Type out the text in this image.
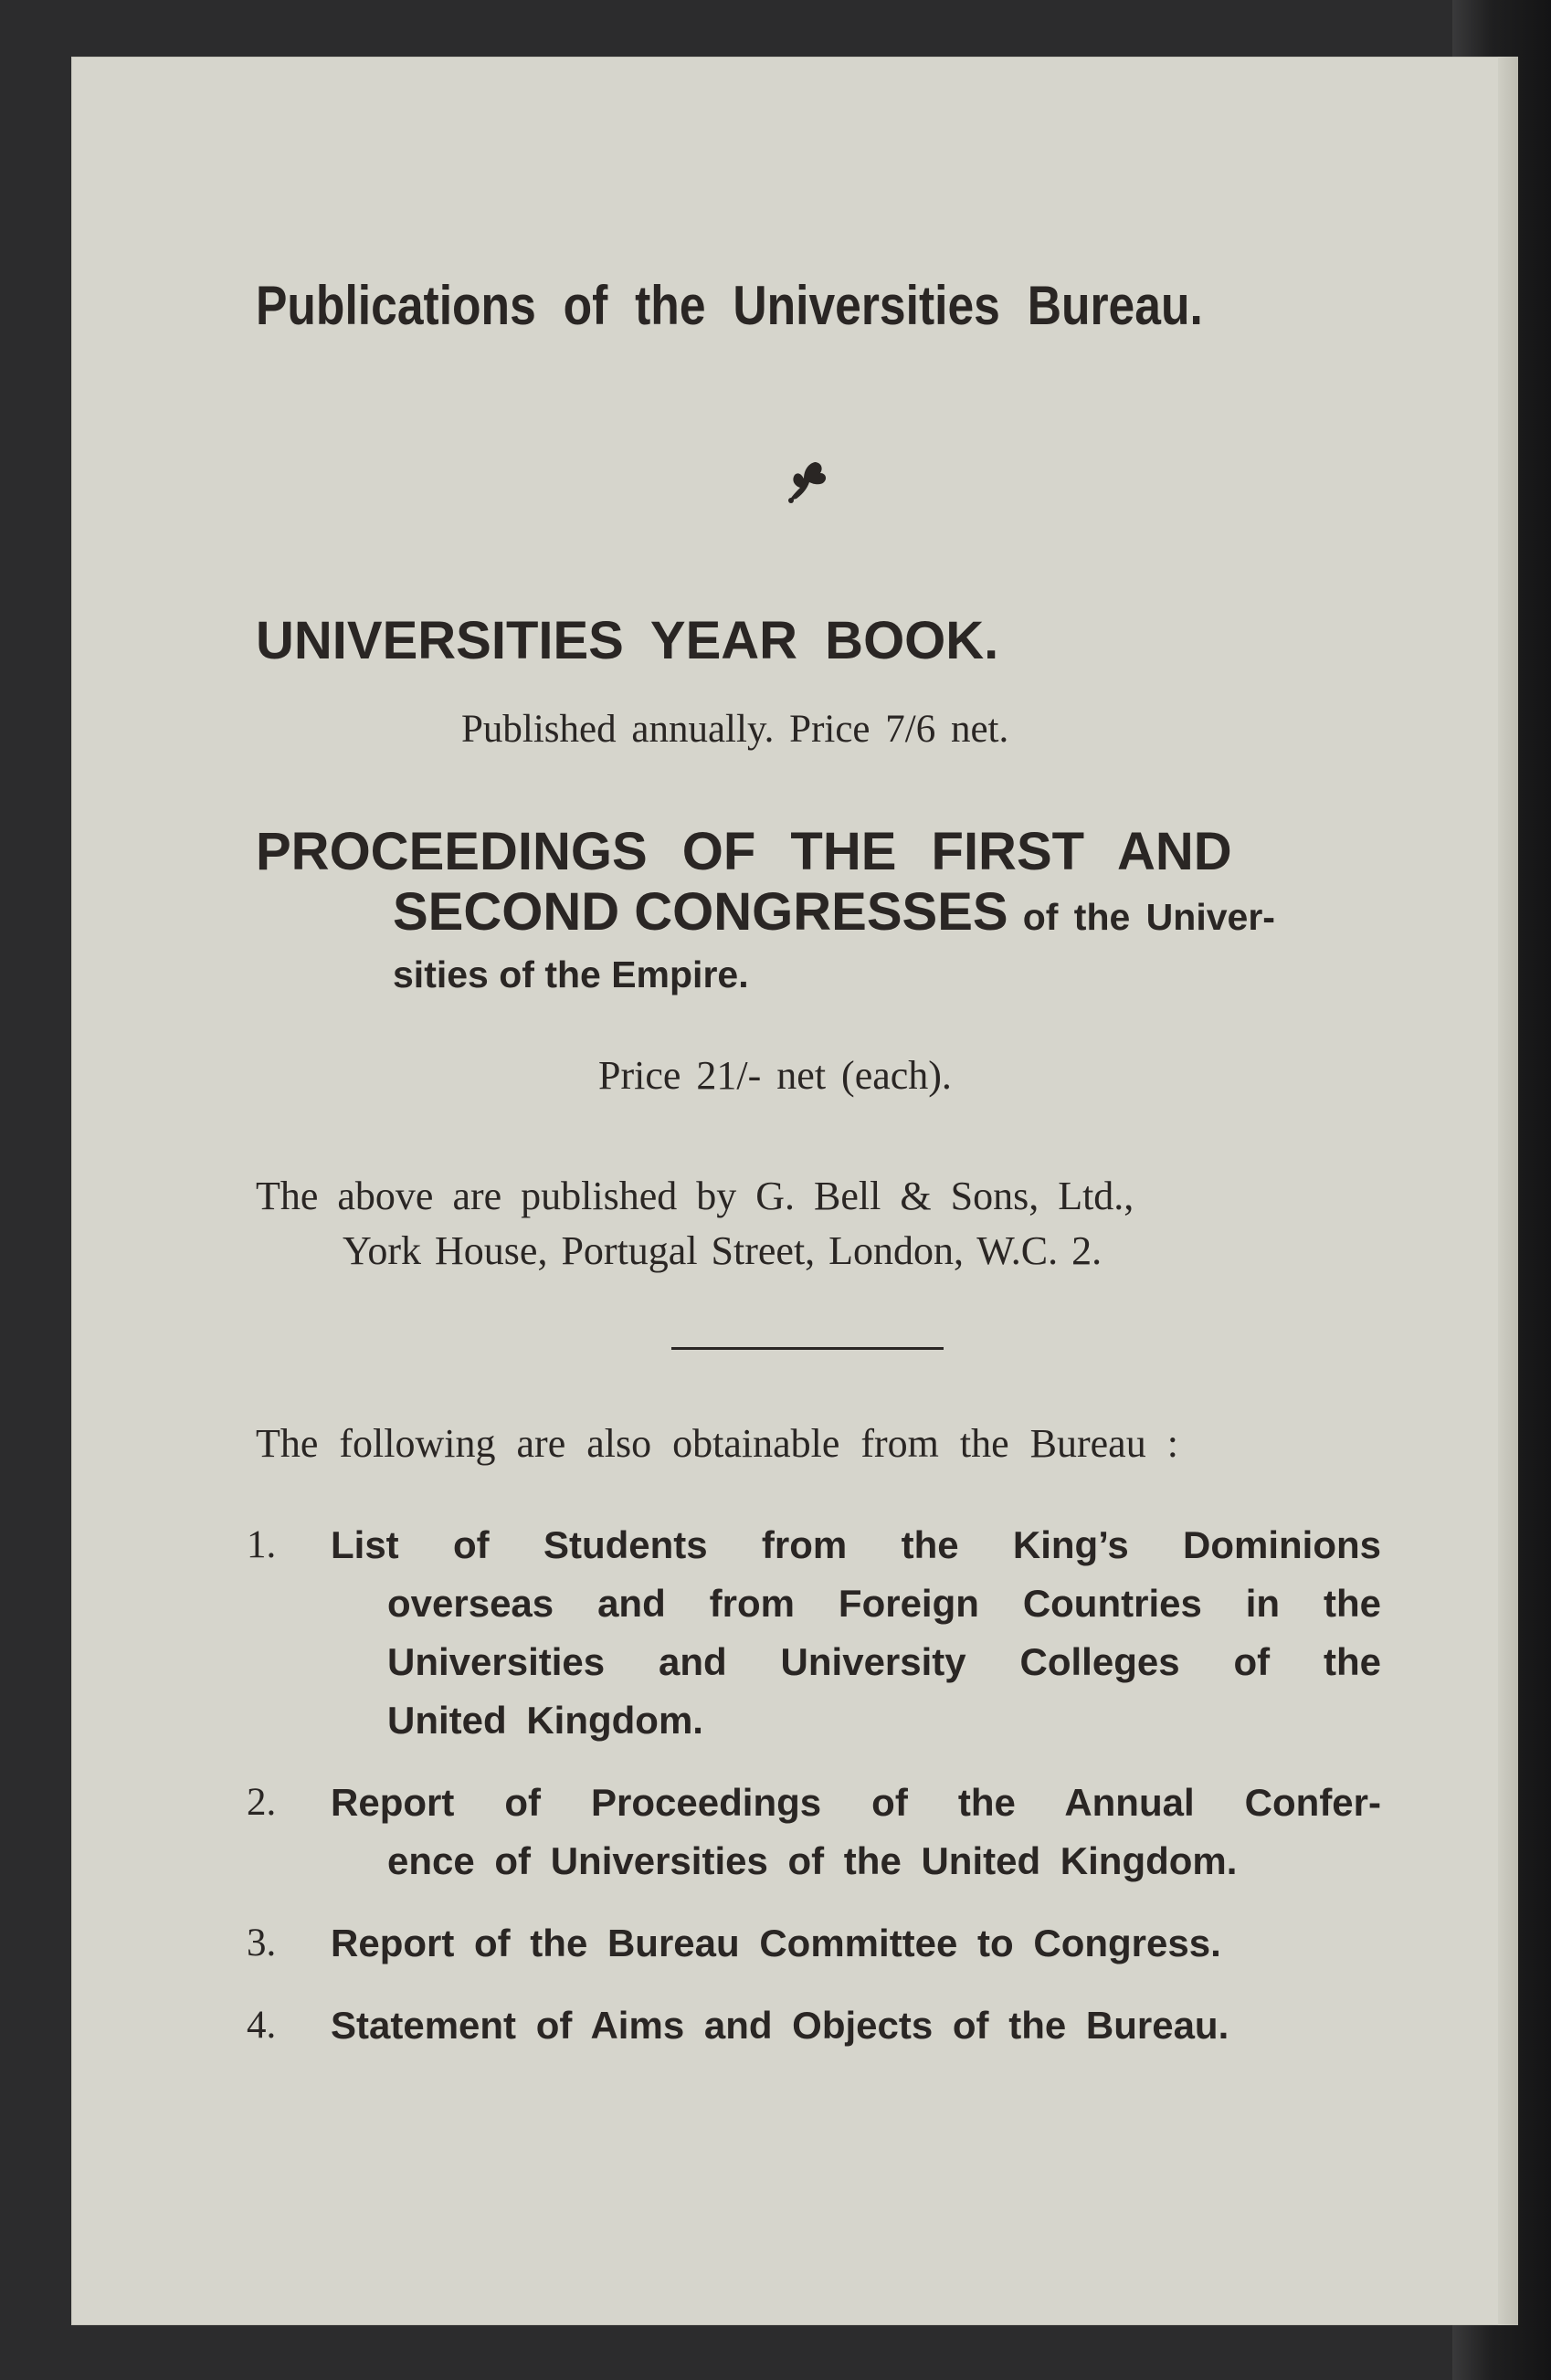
Publications of the Universities Bureau.
UNIVERSITIES YEAR BOOK.
Published annually. Price 7/6 net.
PROCEEDINGS OF THE FIRST AND
SECOND CONGRESSES of the Univer-
sities of the Empire.
Price 21/- net (each).
The above are published by G. Bell & Sons, Ltd.,
York House, Portugal Street, London, W.C. 2.
The following are also obtainable from the Bureau :
1.	List of Students from the King’s Dominions
overseas and from Foreign Countries in the
Universities and University Colleges of the
United Kingdom.
2.	Report of Proceedings of the Annual Confer-
ence of Universities of the United Kingdom.
3.	Report of the Bureau Committee to Congress.
4.	Statement of Aims and Objects of the Bureau.
